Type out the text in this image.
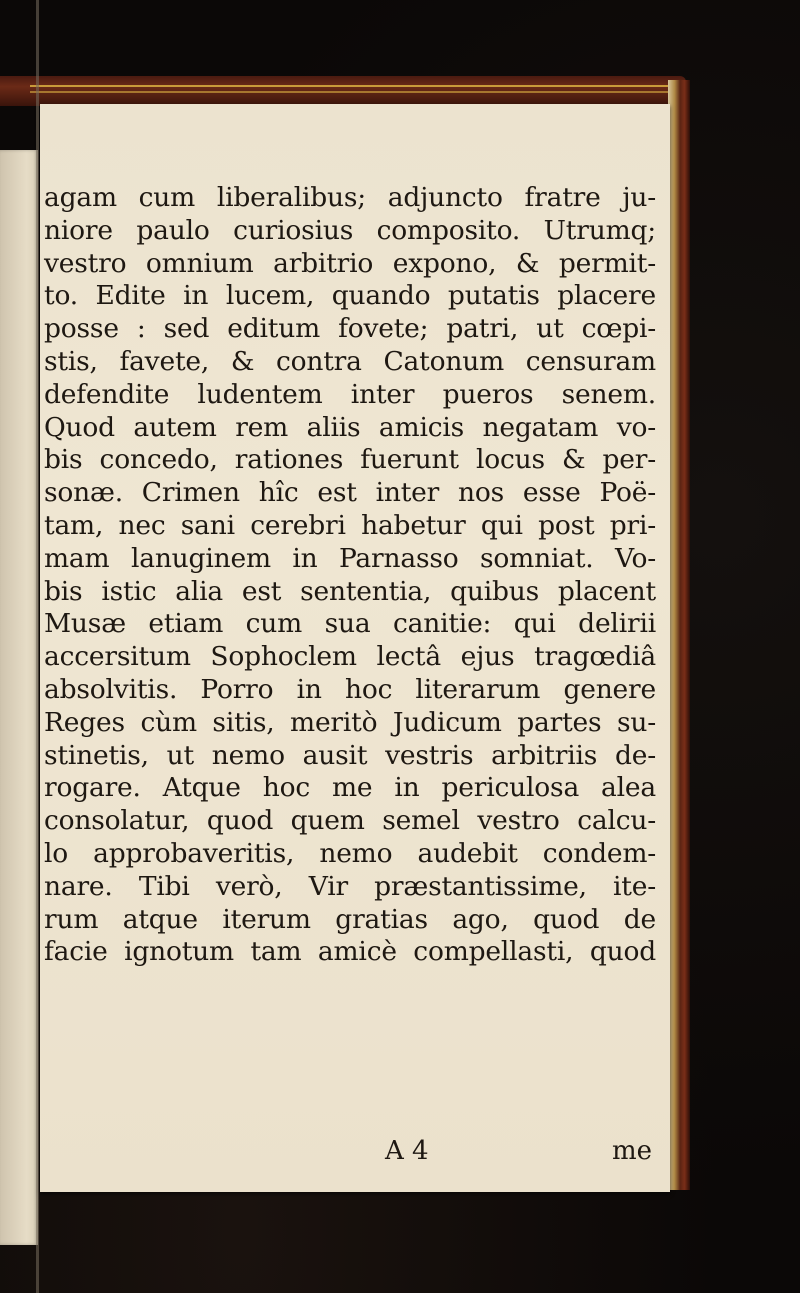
agam cum liberalibus; adjuncto fratre ju-
niore paulo curiosius composito. Utrumq;
vestro omnium arbitrio expono, & permit-
to. Edite in lucem, quando putatis placere
posse : sed editum fovete; patri, ut cœpi-
stis, favete, & contra Catonum censuram
defendite ludentem inter pueros senem.
Quod autem rem aliis amicis negatam vo-
bis concedo, rationes fuerunt locus & per-
sonæ. Crimen hîc est inter nos esse Poë-
tam, nec sani cerebri habetur qui post pri-
mam lanuginem in Parnasso somniat. Vo-
bis istic alia est sententia, quibus placent
Musæ etiam cum sua canitie: qui delirii
accersitum Sophoclem lectâ ejus tragœdiâ
absolvitis. Porro in hoc literarum genere
Reges cùm sitis, meritò Judicum partes su-
stinetis, ut nemo ausit vestris arbitriis de-
rogare. Atque hoc me in periculosa alea
consolatur, quod quem semel vestro calcu-
lo approbaveritis, nemo audebit condem-
nare. Tibi verò, Vir præstantissime, ite-
rum atque iterum gratias ago, quod de
facie ignotum tam amicè compellasti, quod
A 4	me
